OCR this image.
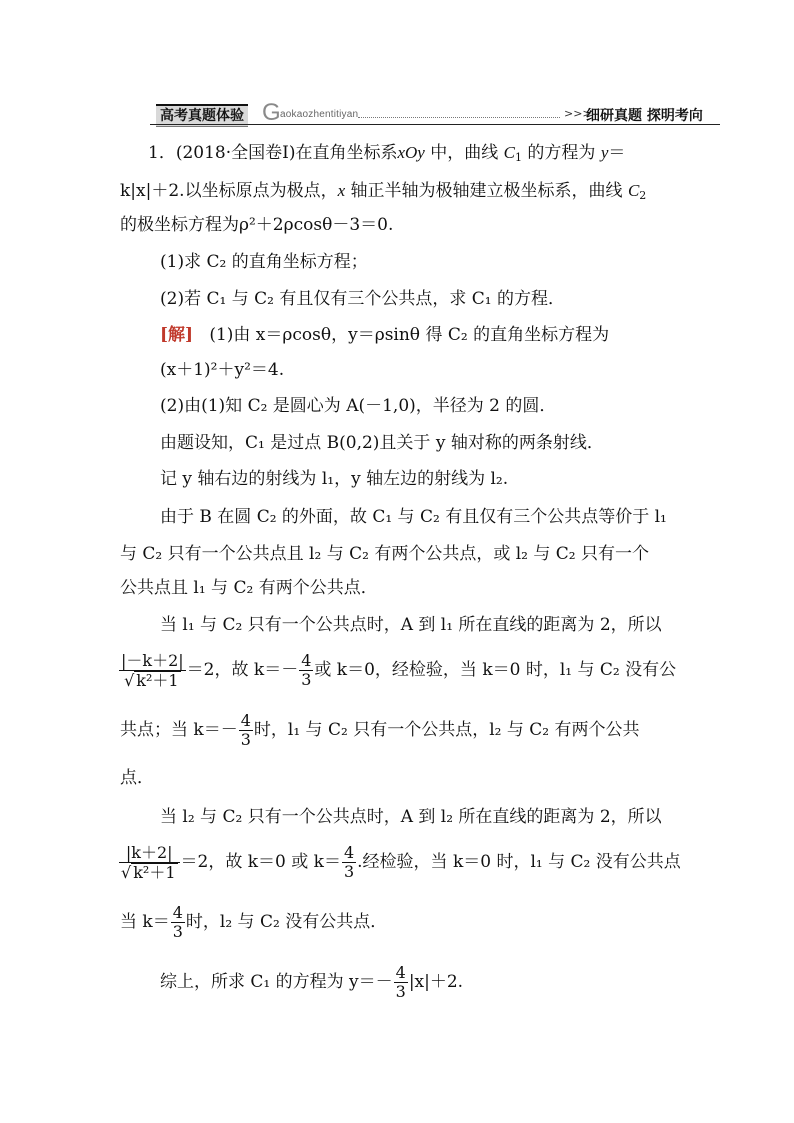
高考真题体验 G aokaozhentitiyan	>>>
细研真题 探明考向
1．(2018·全国卷Ⅰ)在直角坐标系xOy 中，曲线 $C_1$ 的方程为 y＝
k|x|＋2.以坐标原点为极点，x 轴正半轴为极轴建立极坐标系，曲线 $C_2$
的极坐标方程为ρ²＋2ρcosθ－3＝0.
(1)求 C₂ 的直角坐标方程；
(2)若 C₁ 与 C₂ 有且仅有三个公共点，求 C₁ 的方程．
[解] (1)由 x＝ρcosθ，y＝ρsinθ 得 C₂ 的直角坐标方程为
(x＋1)²＋y²＝4.
(2)由(1)知 C₂ 是圆心为 A(－1,0)，半径为 2 的圆．
由题设知，C₁ 是过点 B(0,2)且关于 y 轴对称的两条射线．
记 y 轴右边的射线为 l₁，y 轴左边的射线为 l₂.
由于 B 在圆 C₂ 的外面，故 C₁ 与 C₂ 有且仅有三个公共点等价于 l₁
与 C₂ 只有一个公共点且 l₂ 与 C₂ 有两个公共点，或 l₂ 与 C₂ 只有一个
公共点且 l₁ 与 C₂ 有两个公共点．
当 l₁ 与 C₂ 只有一个公共点时，A 到 l₁ 所在直线的距离为 2，所以
$\frac{|-k+2|}{\text{√ k²＋1}} =2$，故 $k=- \frac{4}{3}$ 或 k＝0，经检验，当 k＝0 时，l₁ 与 C₂ 没有公
共点；当 $k=- \frac{4}{3}$ 时，l₁ 与 C₂ 只有一个公共点，l₂ 与 C₂ 有两个公共
点．
当 l₂ 与 C₂ 只有一个公共点时，A 到 l₂ 所在直线的距离为 2，所以
$\frac{|k+2|}{\text{√ k²＋1}} =2$，故 k＝0 或 $k= \frac{4}{3}$ .经检验，当 k＝0 时，l₁ 与 C₂ 没有公共点
当 $k= \frac{4}{3}$ 时，l₂ 与 C₂ 没有公共点．
综上，所求 C₁ 的方程为 $y=- \frac{4}{3} |x|+2$.
